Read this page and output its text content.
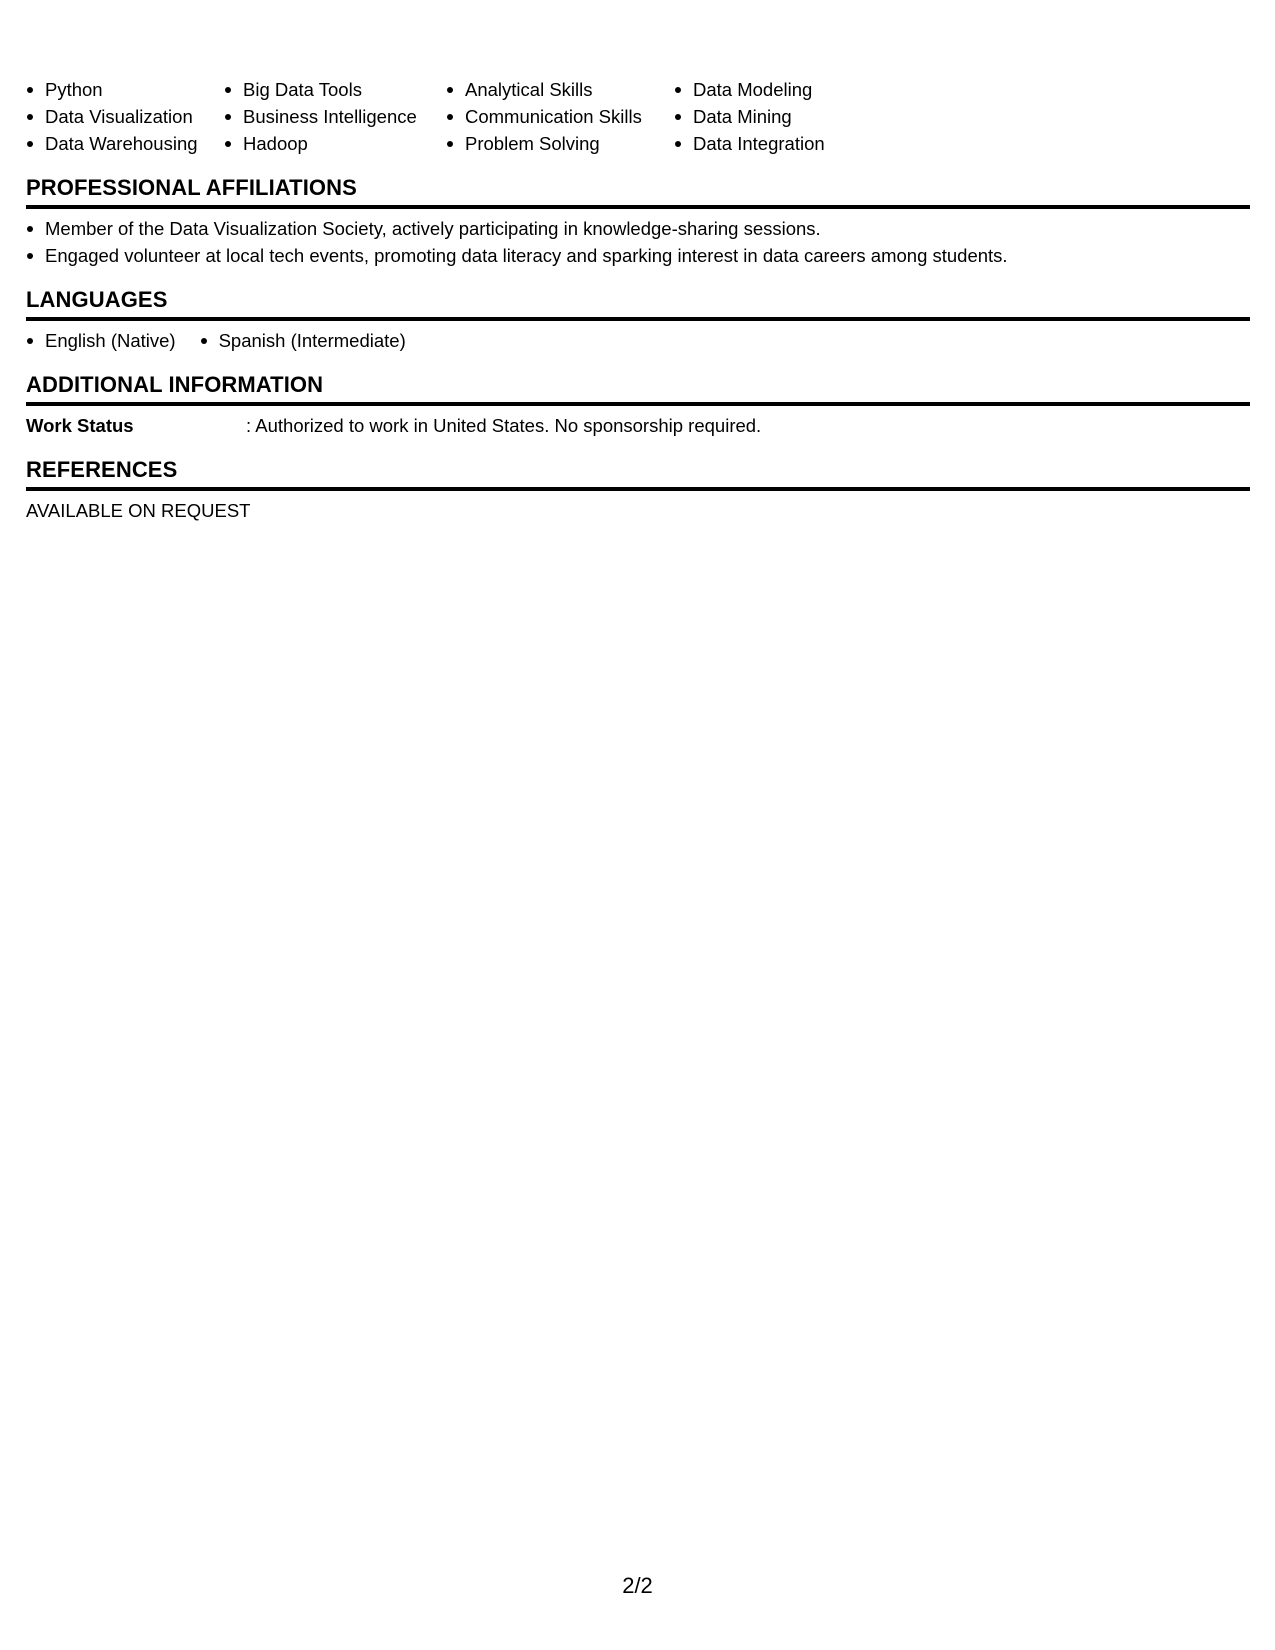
Python
Data Visualization
Data Warehousing
Big Data Tools
Business Intelligence
Hadoop
Analytical Skills
Communication Skills
Problem Solving
Data Modeling
Data Mining
Data Integration
PROFESSIONAL AFFILIATIONS
Member of the Data Visualization Society, actively participating in knowledge-sharing sessions.
Engaged volunteer at local tech events, promoting data literacy and sparking interest in data careers among students.
LANGUAGES
English (Native)	Spanish (Intermediate)
ADDITIONAL INFORMATION
Work Status	: Authorized to work in United States. No sponsorship required.
REFERENCES
AVAILABLE ON REQUEST
2/2
